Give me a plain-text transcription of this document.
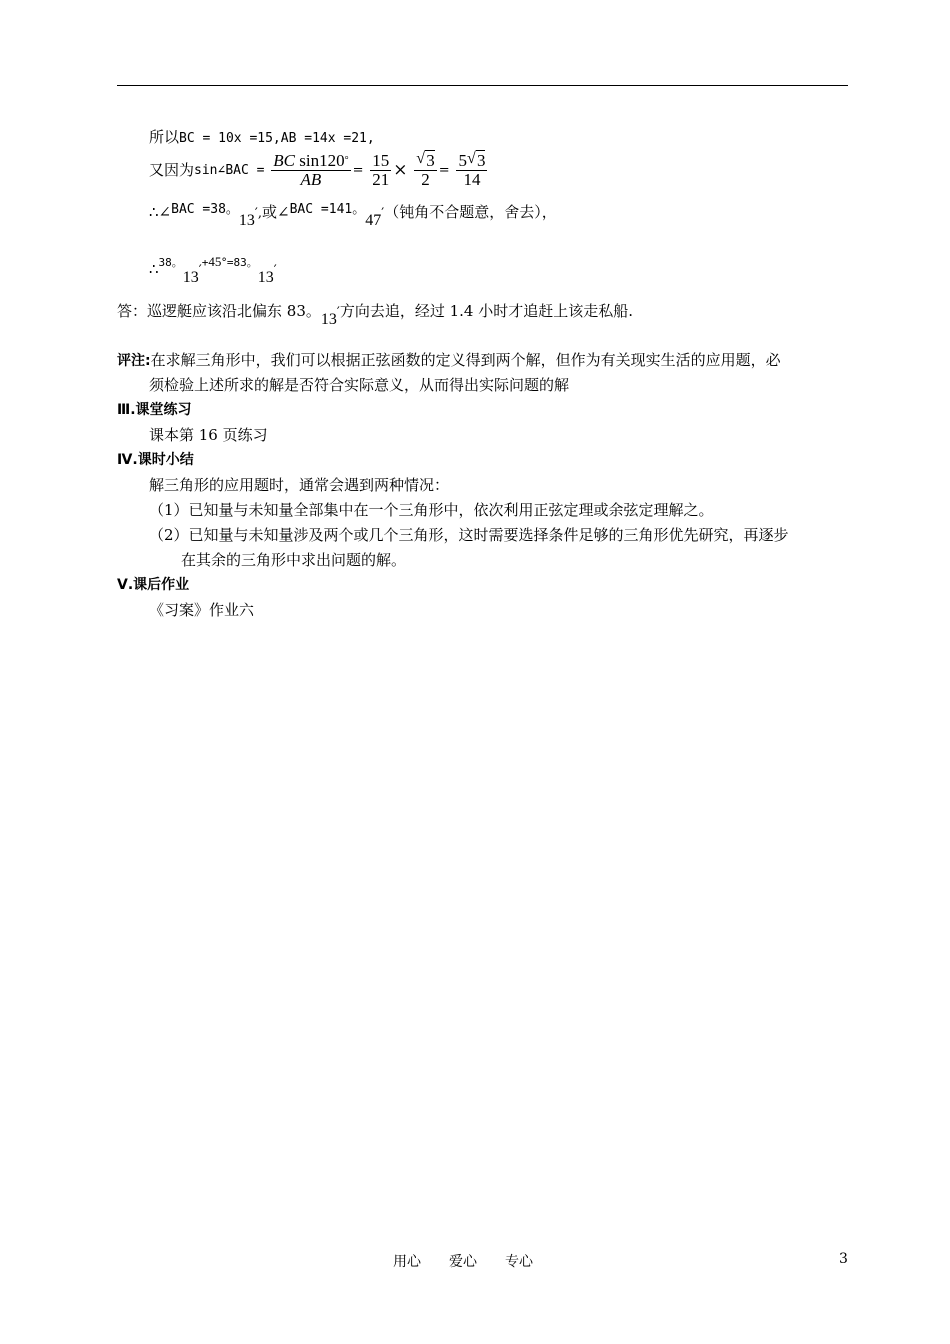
所以BC = 10x =15,AB =14x =21,
又因为sin∠BAC = $\frac{BC \sin 120^\circ}{AB} = \frac{15}{21} \times \frac{√ 3}{2} = \frac{5 √ 3}{14}$
∴∠BAC =38。13′,或∠BAC =141。47′（钝角不合题意，舍去），
$\therefore^{38。}13'^+45^{^\circ=83。}13'$
答：巡逻艇应该沿北偏东 83。13′方向去追，经过 1.4 小时才追赶上该走私船.
评注:在求解三角形中，我们可以根据正弦函数的定义得到两个解，但作为有关现实生活的应用题，必
须检验上述所求的解是否符合实际意义，从而得出实际问题的解
Ⅲ.课堂练习
课本第 16 页练习
Ⅳ.课时小结
解三角形的应用题时，通常会遇到两种情况：
（1）已知量与未知量全部集中在一个三角形中，依次利用正弦定理或余弦定理解之。
（2）已知量与未知量涉及两个或几个三角形，这时需要选择条件足够的三角形优先研究，再逐步
在其余的三角形中求出问题的解。
Ⅴ.课后作业
《习案》作业六
用心　　爱心　　专心	3
